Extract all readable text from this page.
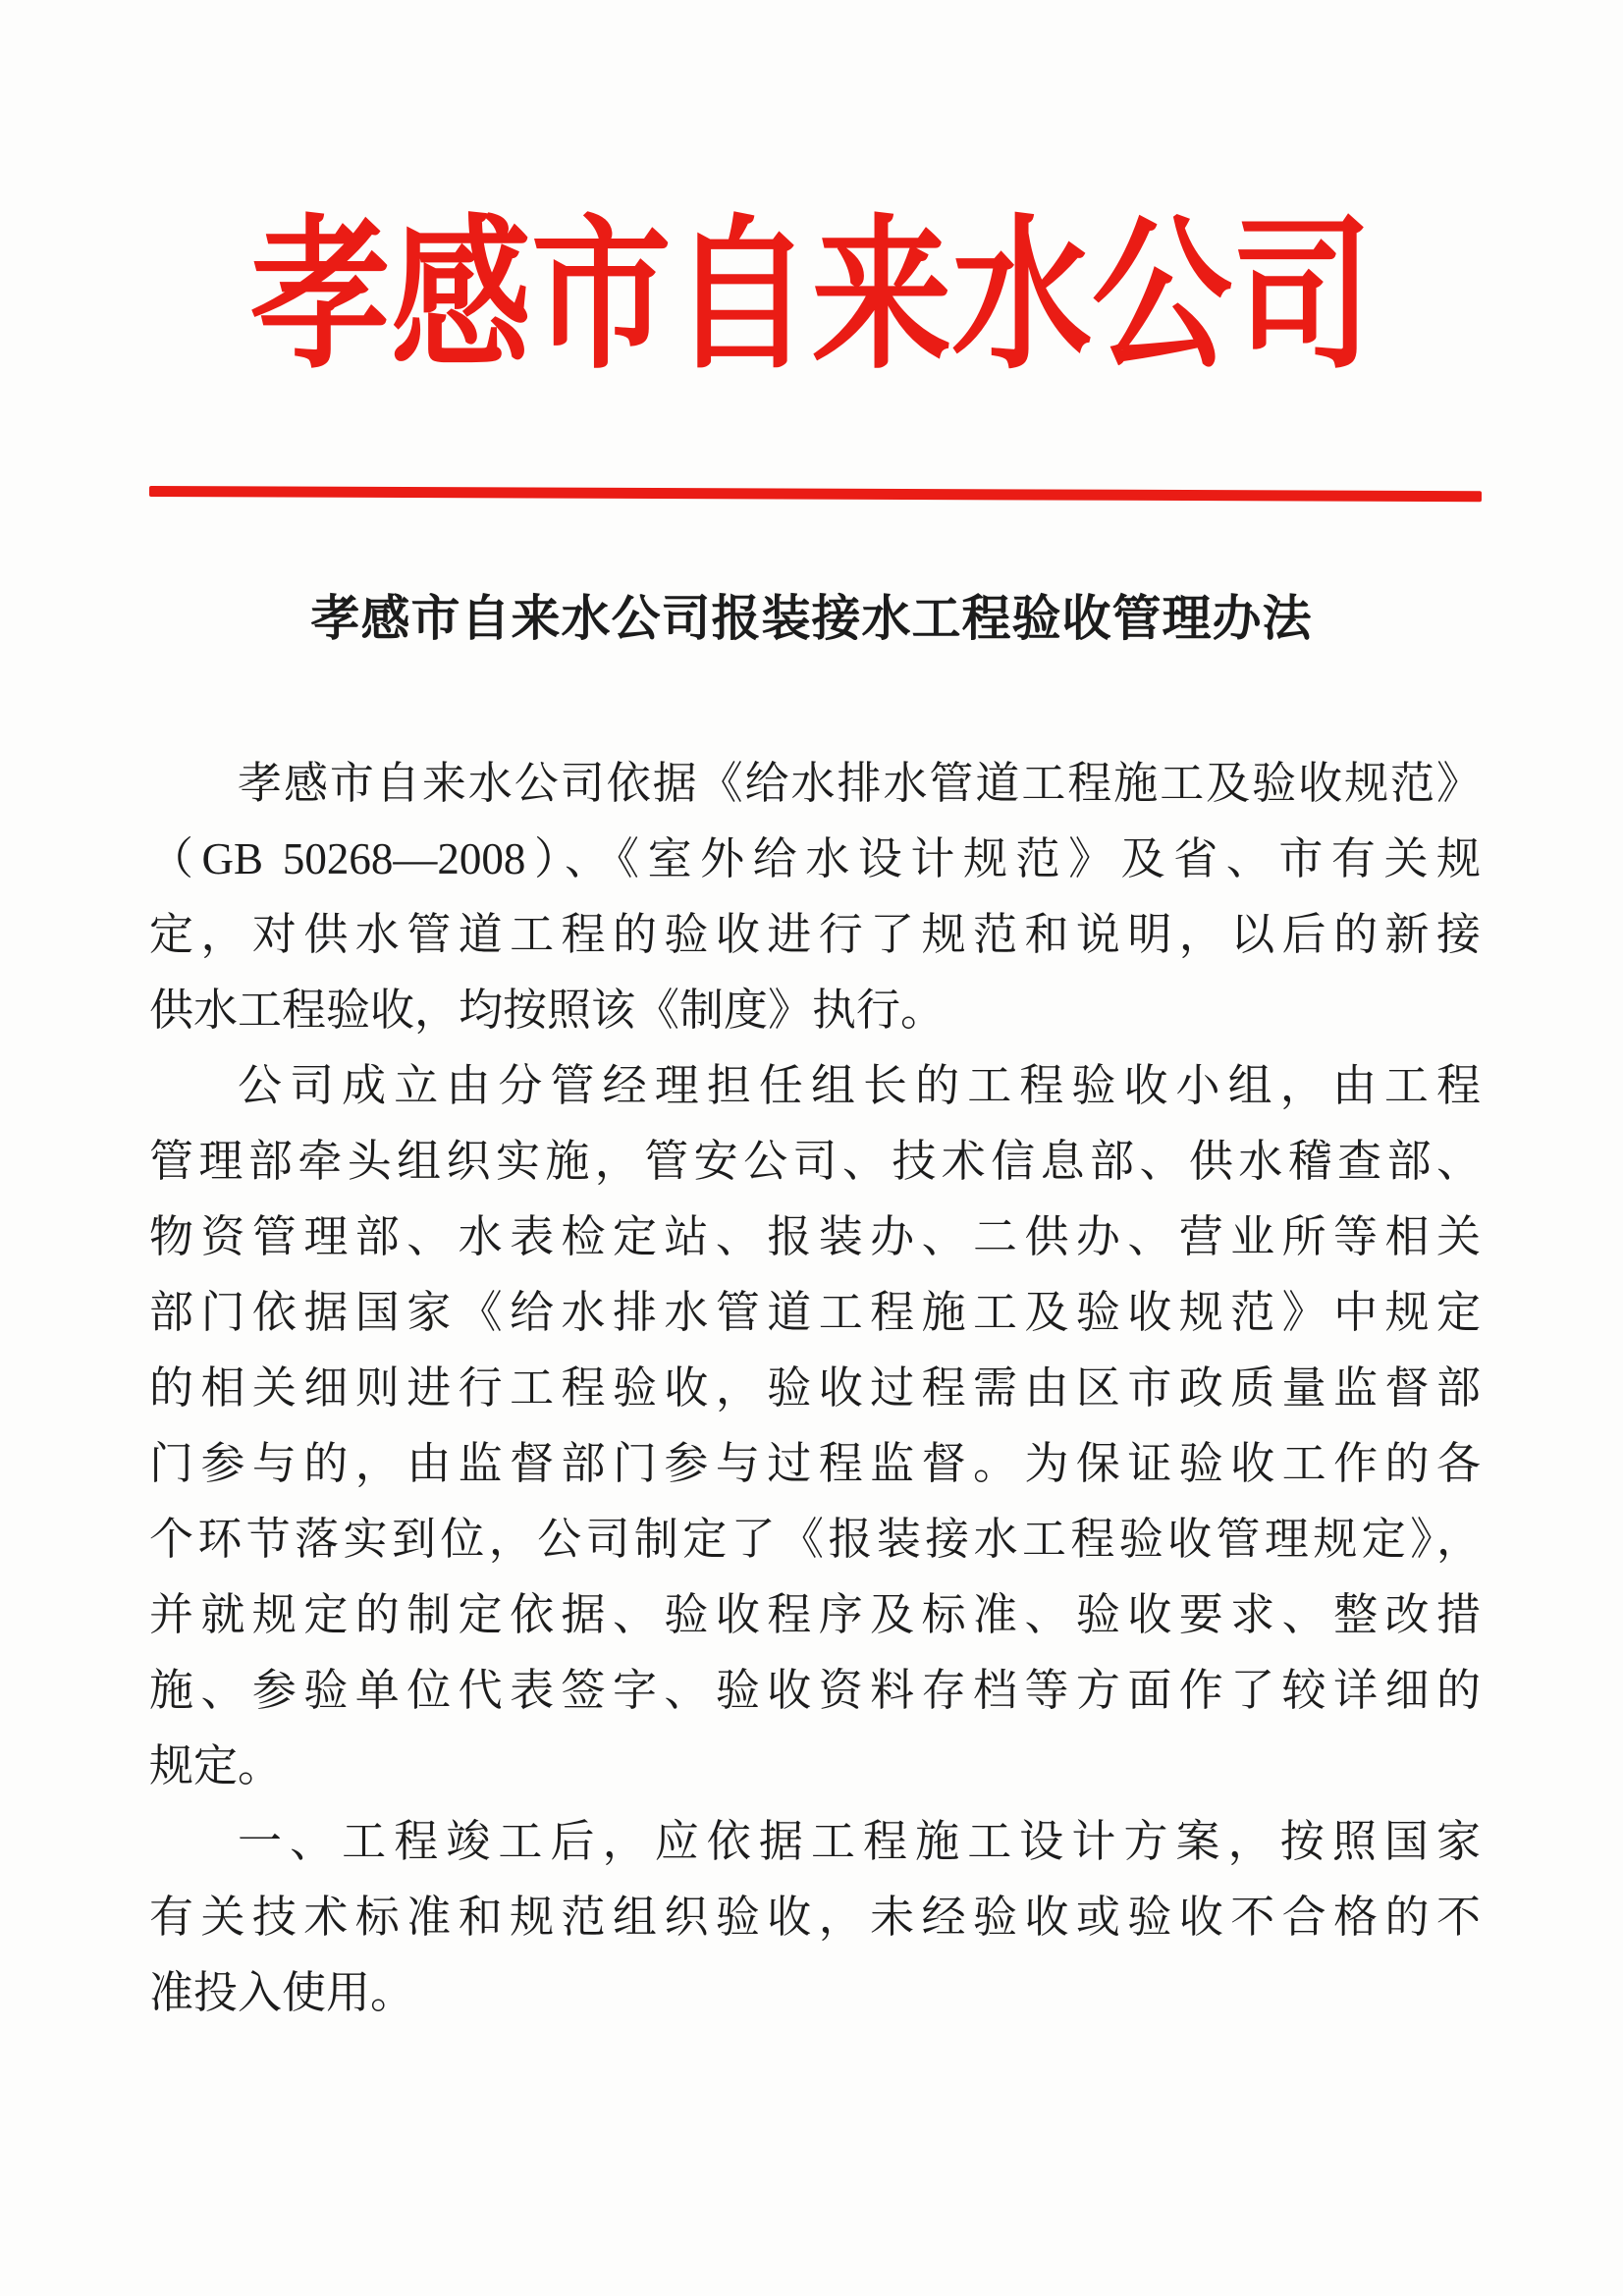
孝感市自来水公司
孝感市自来水公司报装接水工程验收管理办法
孝感市自来水公司依据《给水排水管道工程施工及验收规范》
（GB 50268—2008）、《室外给水设计规范》及省、市有关规
定，对供水管道工程的验收进行了规范和说明，以后的新接
供水工程验收，均按照该《制度》执行。
公司成立由分管经理担任组长的工程验收小组，由工程
管理部牵头组织实施，管安公司、技术信息部、供水稽查部、
物资管理部、水表检定站、报装办、二供办、营业所等相关
部门依据国家《给水排水管道工程施工及验收规范》中规定
的相关细则进行工程验收，验收过程需由区市政质量监督部
门参与的，由监督部门参与过程监督。为保证验收工作的各
个环节落实到位，公司制定了《报装接水工程验收管理规定》，
并就规定的制定依据、验收程序及标准、验收要求、整改措
施、参验单位代表签字、验收资料存档等方面作了较详细的
规定。
一、工程竣工后，应依据工程施工设计方案，按照国家
有关技术标准和规范组织验收，未经验收或验收不合格的不
准投入使用。
